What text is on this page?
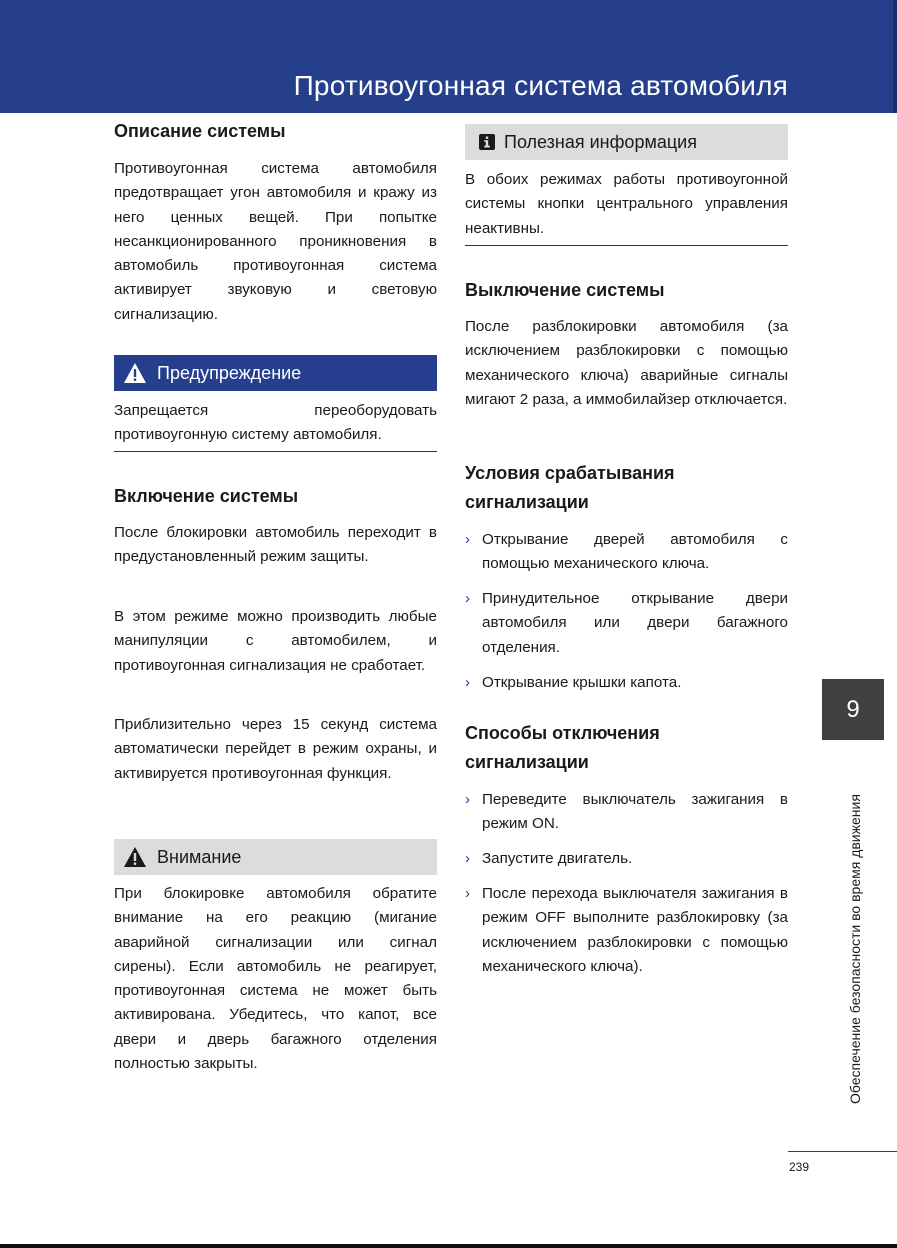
Противоугонная система автомобиля
Описание системы
Противоугонная система автомобиля предотвращает угон автомобиля и кражу из него ценных вещей. При попытке несанкционированного проникновения в автомобиль противоугонная система активирует звуковую и световую сигнализацию.
Предупреждение
Запрещается переоборудовать противоугонную систему автомобиля.
Включение системы
После блокировки автомобиль переходит в предустановленный режим защиты.
В этом режиме можно производить любые манипуляции с автомобилем, и противоугонная сигнализация не сработает.
Приблизительно через 15 секунд система автоматически перейдет в режим охраны, и активируется противоугонная функция.
Внимание
При блокировке автомобиля обратите внимание на его реакцию (мигание аварийной сигнализации или сигнал сирены). Если автомобиль не реагирует, противоугонная система не может быть активирована. Убедитесь, что капот, все двери и дверь багажного отделения полностью закрыты.
Полезная информация
В обоих режимах работы противоугонной системы кнопки центрального управления неактивны.
Выключение системы
После разблокировки автомобиля (за исключением разблокировки с помощью механического ключа) аварийные сигналы мигают 2 раза, а иммобилайзер отключается.
Условия срабатывания
сигнализации
› Открывание дверей автомобиля с помощью механического ключа.
› Принудительное открывание двери автомобиля или двери багажного отделения.
› Открывание крышки капота.
Способы отключения
сигнализации
› Переведите выключатель зажигания в режим ON.
› Запустите двигатель.
› После перехода выключателя зажигания в режим OFF выполните разблокировку (за исключением разблокировки с помощью механического ключа).
9
Обеспечение безопасности во время движения
239
